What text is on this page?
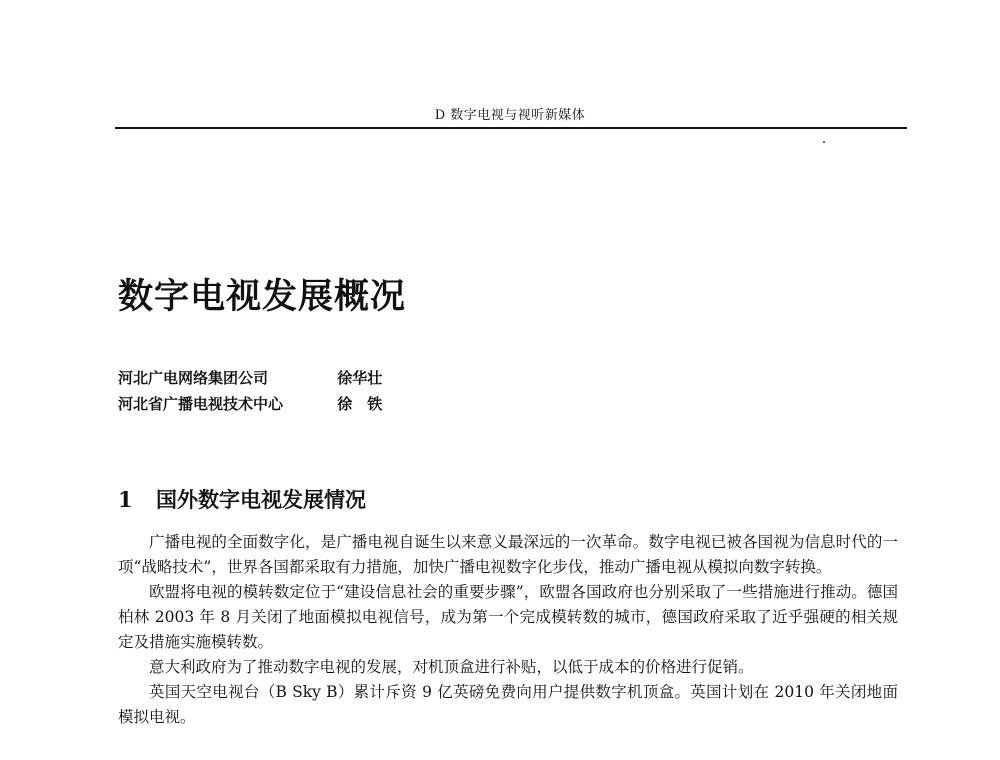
D 数字电视与视听新媒体
数字电视发展概况
河北广电网络集团公司	徐华壮
河北省广播电视技术中心	徐　铁
1 国外数字电视发展情况

广播电视的全面数字化，是广播电视自诞生以来意义最深远的一次革命。数字电视已被各国视为信息时代的一项“战略技术”，世界各国都采取有力措施，加快广播电视数字化步伐，推动广播电视从模拟向数字转换。

欧盟将电视的模转数定位于“建设信息社会的重要步骤”，欧盟各国政府也分别采取了一些措施进行推动。德国柏林 2003 年 8 月关闭了地面模拟电视信号，成为第一个完成模转数的城市，德国政府采取了近乎强硬的相关规定及措施实施模转数。

意大利政府为了推动数字电视的发展，对机顶盒进行补贴，以低于成本的价格进行促销。

英国天空电视台（B Sky B）累计斥资 9 亿英磅免费向用户提供数字机顶盒。英国计划在 2010 年关闭地面模拟电视。
